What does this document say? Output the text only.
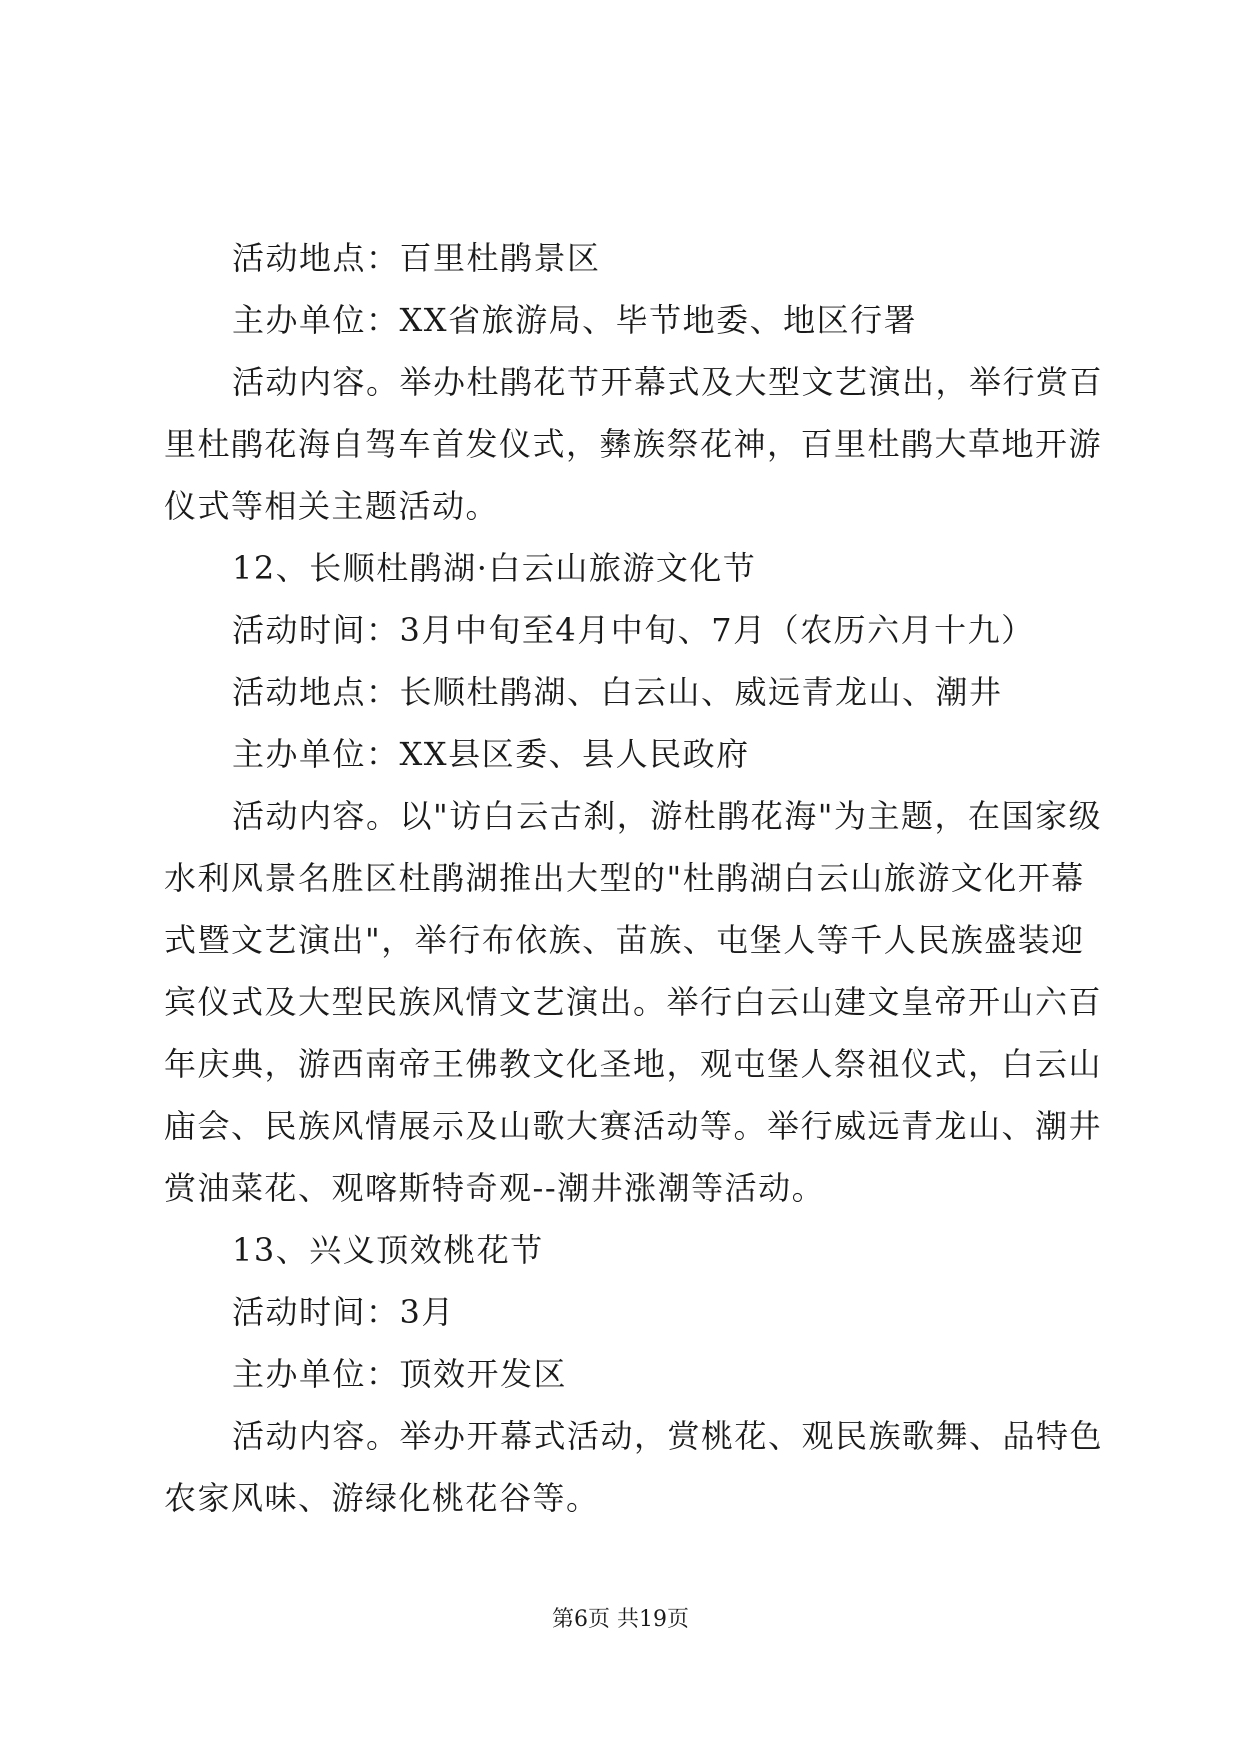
活动地点：百里杜鹃景区
主办单位：XX省旅游局、毕节地委、地区行署
活动内容。举办杜鹃花节开幕式及大型文艺演出，举行赏百
里杜鹃花海自驾车首发仪式，彝族祭花神，百里杜鹃大草地开游
仪式等相关主题活动。
12、长顺杜鹃湖·白云山旅游文化节
活动时间：3月中旬至4月中旬、7月（农历六月十九）
活动地点：长顺杜鹃湖、白云山、威远青龙山、潮井
主办单位：XX县区委、县人民政府
活动内容。以"访白云古刹，游杜鹃花海"为主题，在国家级
水利风景名胜区杜鹃湖推出大型的"杜鹃湖白云山旅游文化开幕
式暨文艺演出"，举行布依族、苗族、屯堡人等千人民族盛装迎
宾仪式及大型民族风情文艺演出。举行白云山建文皇帝开山六百
年庆典，游西南帝王佛教文化圣地，观屯堡人祭祖仪式，白云山
庙会、民族风情展示及山歌大赛活动等。举行威远青龙山、潮井
赏油菜花、观喀斯特奇观--潮井涨潮等活动。
13、兴义顶效桃花节
活动时间：3月
主办单位：顶效开发区
活动内容。举办开幕式活动，赏桃花、观民族歌舞、品特色
农家风味、游绿化桃花谷等。
第6页 共19页
